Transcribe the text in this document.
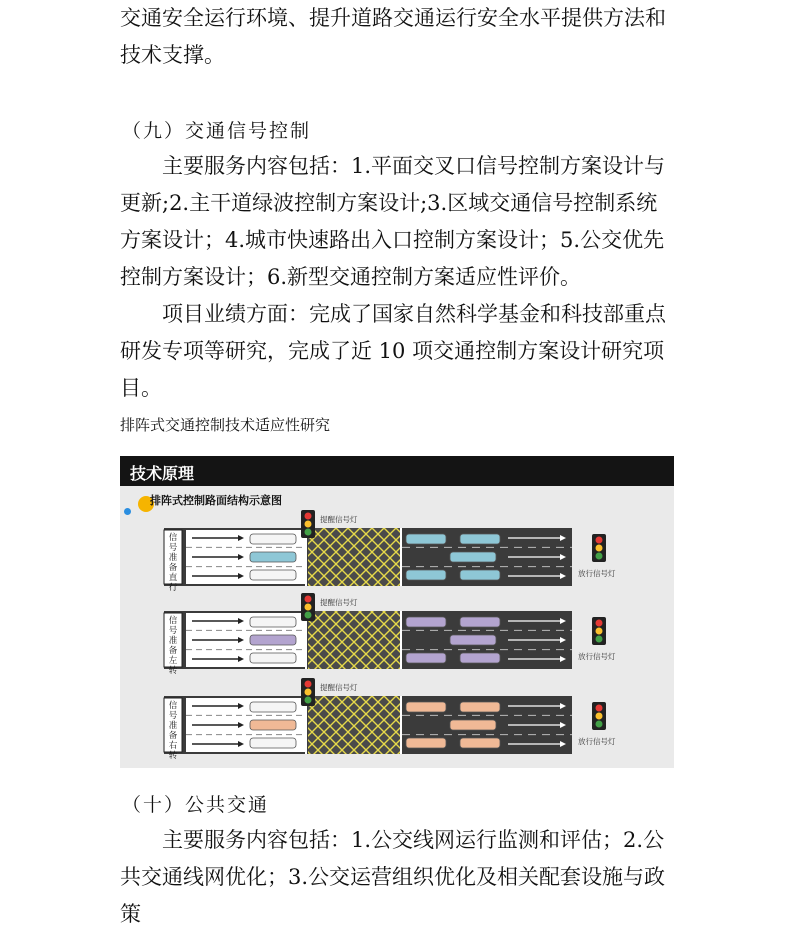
交通安全运行环境、提升道路交通运行安全水平提供方法和技术支撑。

（九）交通信号控制

主要服务内容包括：1.平面交叉口信号控制方案设计与更新;2.主干道绿波控制方案设计;3.区域交通信号控制系统方案设计；4.城市快速路出入口控制方案设计；5.公交优先控制方案设计；6.新型交通控制方案适应性评价。

项目业绩方面：完成了国家自然科学基金和科技部重点研发专项等研究，完成了近 10 项交通控制方案设计研究项目。

排阵式交通控制技术适应性研究
技术原理
排阵式控制路面结构示意图
信
号
准
备
直
行
提醒信号灯
放行信号灯
信
号
准
备
左
转
提醒信号灯
放行信号灯
信
号
准
备
右
转
提醒信号灯
放行信号灯
（十）公共交通

主要服务内容包括：1.公交线网运行监测和评估；2.公共交通线网优化；3.公交运营组织优化及相关配套设施与政策
